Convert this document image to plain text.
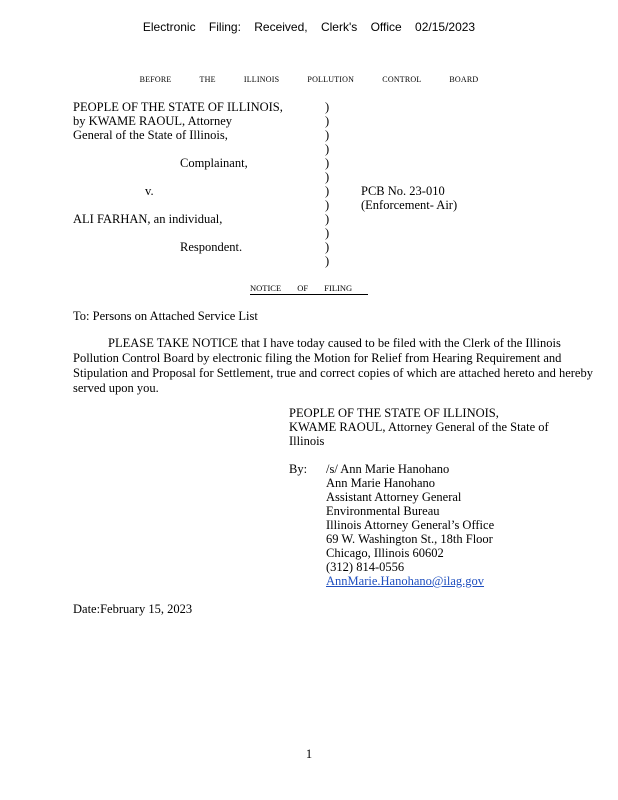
Electronic Filing: Received, Clerk's Office 02/15/2023
BEFORE THE ILLINOIS POLLUTION CONTROL BOARD
PEOPLE OF THE STATE OF ILLINOIS,
by KWAME RAOUL, Attorney
General of the State of Illinois,
Complainant,
v.
ALI FARHAN, an individual,
Respondent.
)
)
)
)
)
)
)
)
)
)
)
)
PCB No. 23-010
(Enforcement- Air)
NOTICE OF FILING
To: Persons on Attached Service List
PLEASE TAKE NOTICE that I have today caused to be filed with the Clerk of the Illinois Pollution Control Board by electronic filing the Motion for Relief from Hearing Requirement and Stipulation and Proposal for Settlement, true and correct copies of which are attached hereto and hereby served upon you.
PEOPLE OF THE STATE OF ILLINOIS,
KWAME RAOUL, Attorney General of the State of
Illinois
By: /s/ Ann Marie Hanohano
Ann Marie Hanohano
Assistant Attorney General
Environmental Bureau
Illinois Attorney General’s Office
69 W. Washington St., 18th Floor
Chicago, Illinois 60602
(312) 814-0556
AnnMarie.Hanohano@ilag.gov
Date:February 15, 2023
1
